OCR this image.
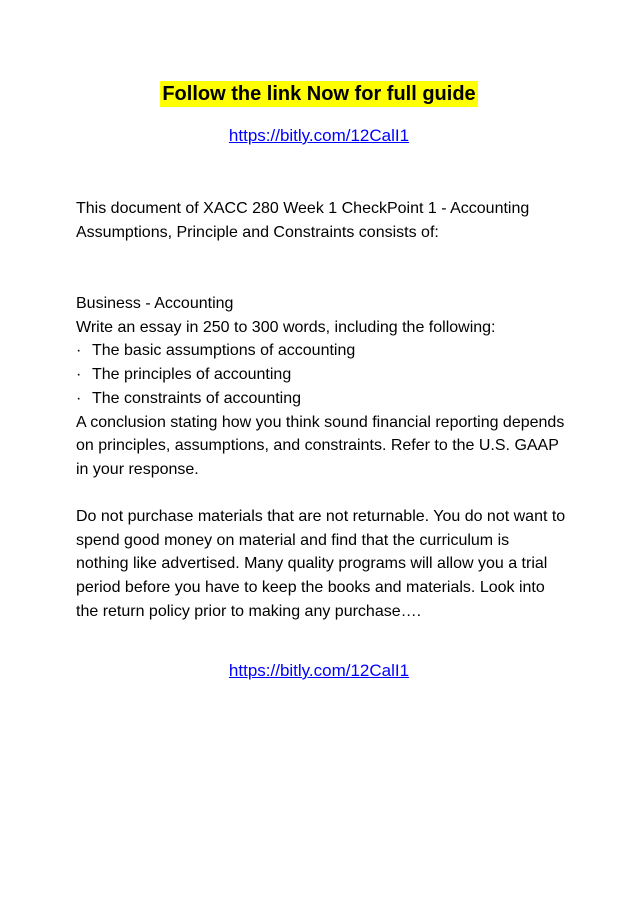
Follow the link Now for full guide
https://bitly.com/12CalI1

This document of XACC 280 Week 1 CheckPoint 1 - Accounting Assumptions, Principle and Constraints consists of:

Business - Accounting

Write an essay in 250 to 300 words, including the following:

· The basic assumptions of accounting
· The principles of accounting
· The constraints of accounting

A conclusion stating how you think sound financial reporting depends on principles, assumptions, and constraints. Refer to the U.S. GAAP in your response.

Do not purchase materials that are not returnable. You do not want to spend good money on material and find that the curriculum is nothing like advertised. Many quality programs will allow you a trial period before you have to keep the books and materials. Look into the return policy prior to making any purchase….

https://bitly.com/12CalI1
